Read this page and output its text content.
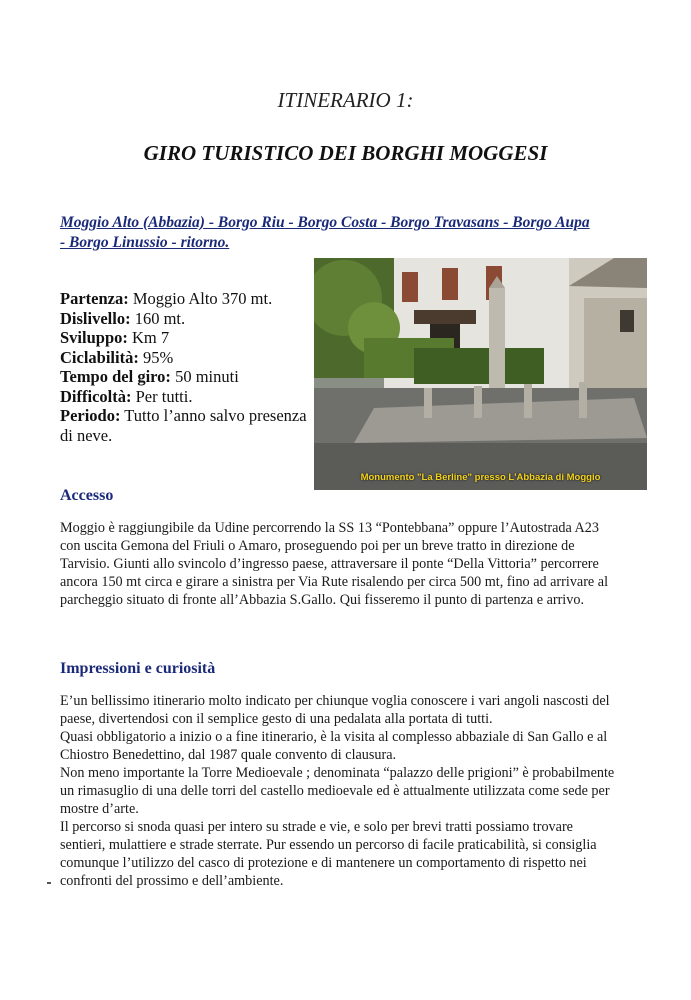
ITINERARIO 1:
GIRO TURISTICO DEI BORGHI MOGGESI
Moggio Alto (Abbazia) - Borgo Riu - Borgo Costa - Borgo Travasans - Borgo Aupa
- Borgo Linussio - ritorno.
Partenza: Moggio Alto 370 mt.
Dislivello: 160 mt.
Sviluppo: Km 7
Ciclabilità: 95%
Tempo del giro: 50 minuti
Difficoltà: Per tutti.
Periodo: Tutto l’anno salvo presenza di neve.
Monumento "La Berline" presso L'Abbazia di Moggio
Accesso
Moggio è raggiungibile da Udine percorrendo la SS 13 “Pontebbana” oppure l’Autostrada A23
con uscita Gemona del Friuli o Amaro, proseguendo poi per un breve tratto in direzione de
Tarvisio. Giunti allo svincolo d’ingresso paese, attraversare il ponte “Della Vittoria” percorrere
ancora 150 mt circa e girare a sinistra per Via Rute risalendo per circa 500 mt, fino ad arrivare al
parcheggio situato di fronte all’Abbazia S.Gallo. Qui fisseremo il punto di partenza e arrivo.
Impressioni e curiosità
E’un bellissimo itinerario molto indicato per chiunque voglia conoscere i vari angoli nascosti del
paese, divertendosi con il semplice gesto di una pedalata alla portata di tutti.
Quasi obbligatorio a inizio o a fine itinerario, è la visita al complesso abbaziale di San Gallo e al
Chiostro Benedettino, dal 1987 quale convento di clausura.
Non meno importante la Torre Medioevale ; denominata “palazzo delle prigioni” è probabilmente
un rimasuglio di una delle torri del castello medioevale ed è attualmente utilizzata come sede per
mostre d’arte.
Il percorso si snoda quasi per intero su strade e vie, e solo per brevi tratti possiamo trovare
sentieri, mulattiere e strade sterrate. Pur essendo un percorso di facile praticabilità, si consiglia
comunque l’utilizzo del casco di protezione e di mantenere un comportamento di rispetto nei
confronti del prossimo e dell’ambiente.
